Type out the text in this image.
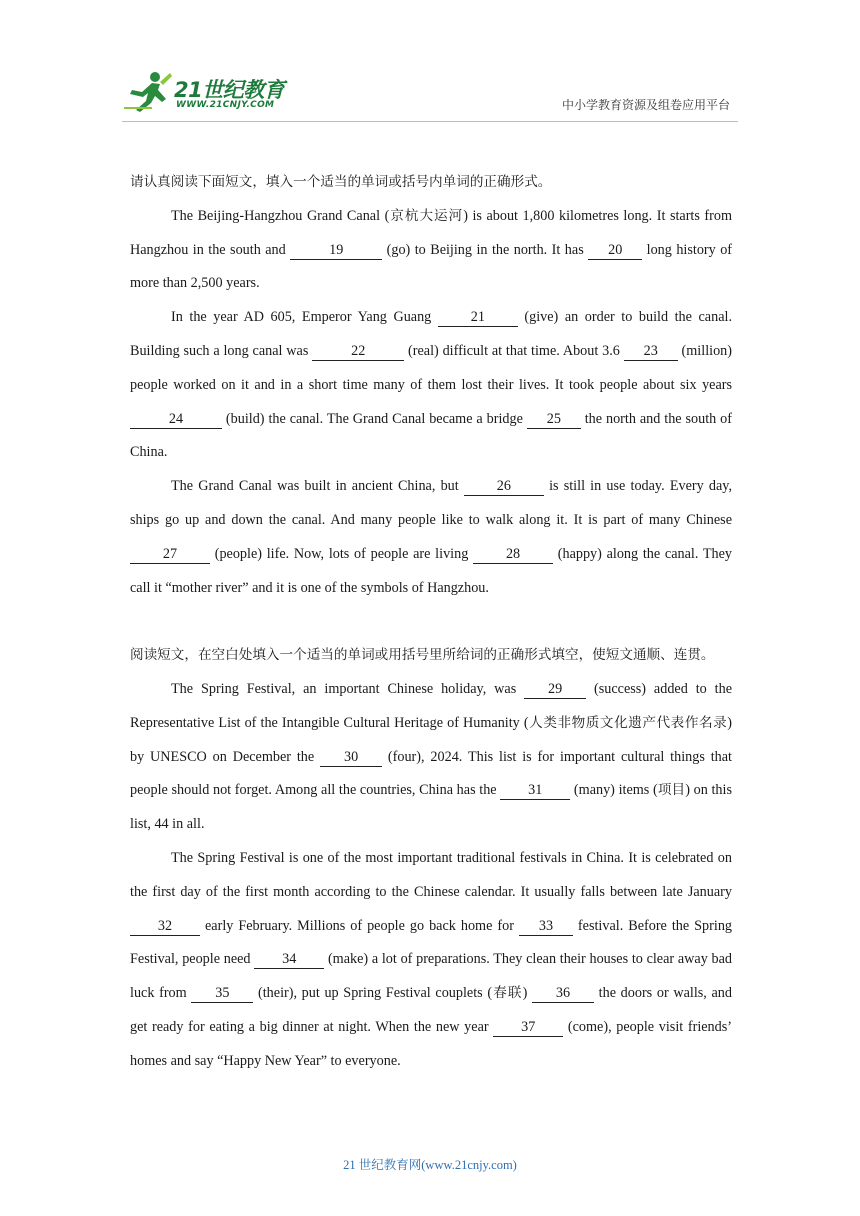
21世纪教育
WWW.21CNJY.COM	中小学教育资源及组卷应用平台

请认真阅读下面短文，填入一个适当的单词或括号内单词的正确形式。

The Beijing-Hangzhou Grand Canal (京杭大运河) is about 1,800 kilometres long. It starts from Hangzhou in the south and	19	(go) to Beijing in the north. It has 20 long history of more than 2,500 years.

In the year AD 605, Emperor Yang Guang 21 (give) an order to build the canal. Building such a long canal was	22	(real) difficult at that time. About 3.6 23 (million) people worked on it and in a short time many of them lost their lives. It took people about six years 24	(build) the canal. The Grand Canal became a bridge 25 the north and the south of China.

The Grand Canal was built in ancient China, but 26 is still in use today. Every day, ships go up and down the canal. And many people like to walk along it. It is part of many Chinese 27 (people) life. Now, lots of people are living 28 (happy) along the canal. They call it “mother river” and it is one of the symbols of Hangzhou.

阅读短文，在空白处填入一个适当的单词或用括号里所给词的正确形式填空，使短文通顺、连贯。

The Spring Festival, an important Chinese holiday, was 29 (success) added to the Representative List of the Intangible Cultural Heritage of Humanity (人类非物质文化遗产代表作名录) by UNESCO on December the 30 (four), 2024. This list is for important cultural things that people should not forget. Among all the countries, China has the 31 (many) items (项目) on this list, 44 in all.

The Spring Festival is one of the most important traditional festivals in China. It is celebrated on the first day of the first month according to the Chinese calendar. It usually falls between late January 32 early February. Millions of people go back home for 33 festival. Before the Spring Festival, people need 34 (make) a lot of preparations. They clean their houses to clear away bad luck from 35 (their), put up Spring Festival couplets (春联) 36 the doors or walls, and get ready for eating a big dinner at night. When the new year 37 (come), people visit friends’ homes and say “Happy New Year” to everyone.

21 世纪教育网(www.21cnjy.com)
